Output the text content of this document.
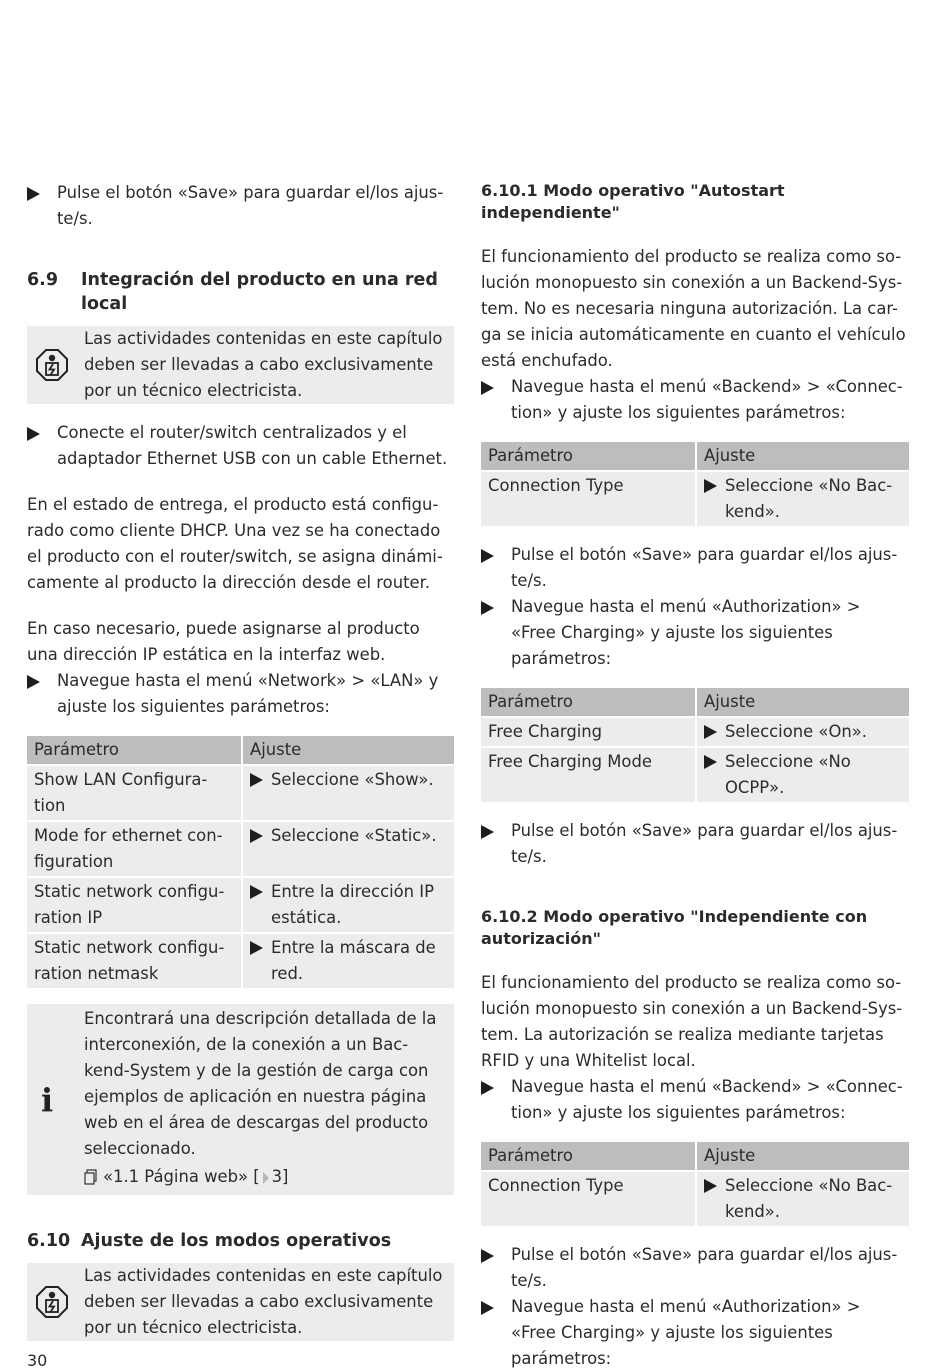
Pulse el botón «Save» para guardar el/los ajus-te/s.
6.9	Integración del producto en una red local

Las actividades contenidas en este capítulo deben ser llevadas a cabo exclusivamente por un técnico electricista.

Conecte el router/switch centralizados y el adaptador Ethernet USB con un cable Ethernet.

En el estado de entrega, el producto está configu-rado como cliente DHCP. Una vez se ha conectado el producto con el router/switch, se asigna dinámi-camente al producto la dirección desde el router.

En caso necesario, puede asignarse al producto una dirección IP estática en la interfaz web.

Navegue hasta el menú «Network» > «LAN» y ajuste los siguientes parámetros:
Parámetro	Ajuste
Show LAN Configura-tion	Seleccione «Show».

Mode for ethernet con-figuration	Seleccione «Static».

Static network configu-ration IP	Entre la dirección IP estática.

Static network configu-ration netmask	Entre la máscara de red.
i

Encontrará una descripción detallada de la interconexión, de la conexión a un Bac-kend-System y de la gestión de carga con ejemplos de aplicación en nuestra página web en el área de descargas del producto seleccionado.

«1.1 Página web» [ 3]

6.10 Ajuste de los modos operativos

Las actividades contenidas en este capítulo deben ser llevadas a cabo exclusivamente por un técnico electricista.

6.10.1 Modo operativo "Autostart independiente"

El funcionamiento del producto se realiza como so-lución monopuesto sin conexión a un Backend-Sys-tem. No es necesaria ninguna autorización. La car-ga se inicia automáticamente en cuanto el vehículo está enchufado.

Navegue hasta el menú «Backend» > «Connec-tion» y ajuste los siguientes parámetros:
Parámetro	Ajuste
Connection Type	Seleccione «No Bac-kend».
Pulse el botón «Save» para guardar el/los ajus-te/s.
Navegue hasta el menú «Authorization» > «Free Charging» y ajuste los siguientes parámetros:
Parámetro	Ajuste
Free Charging	Seleccione «On».

Free Charging Mode	Seleccione «No OCPP».
Pulse el botón «Save» para guardar el/los ajus-te/s.
6.10.2 Modo operativo "Independiente con autorización"

El funcionamiento del producto se realiza como so-lución monopuesto sin conexión a un Backend-Sys-tem. La autorización se realiza mediante tarjetas RFID y una Whitelist local.

Navegue hasta el menú «Backend» > «Connec-tion» y ajuste los siguientes parámetros:
Parámetro	Ajuste
Connection Type	Seleccione «No Bac-kend».
Pulse el botón «Save» para guardar el/los ajus-te/s.
Navegue hasta el menú «Authorization» > «Free Charging» y ajuste los siguientes parámetros:
30
